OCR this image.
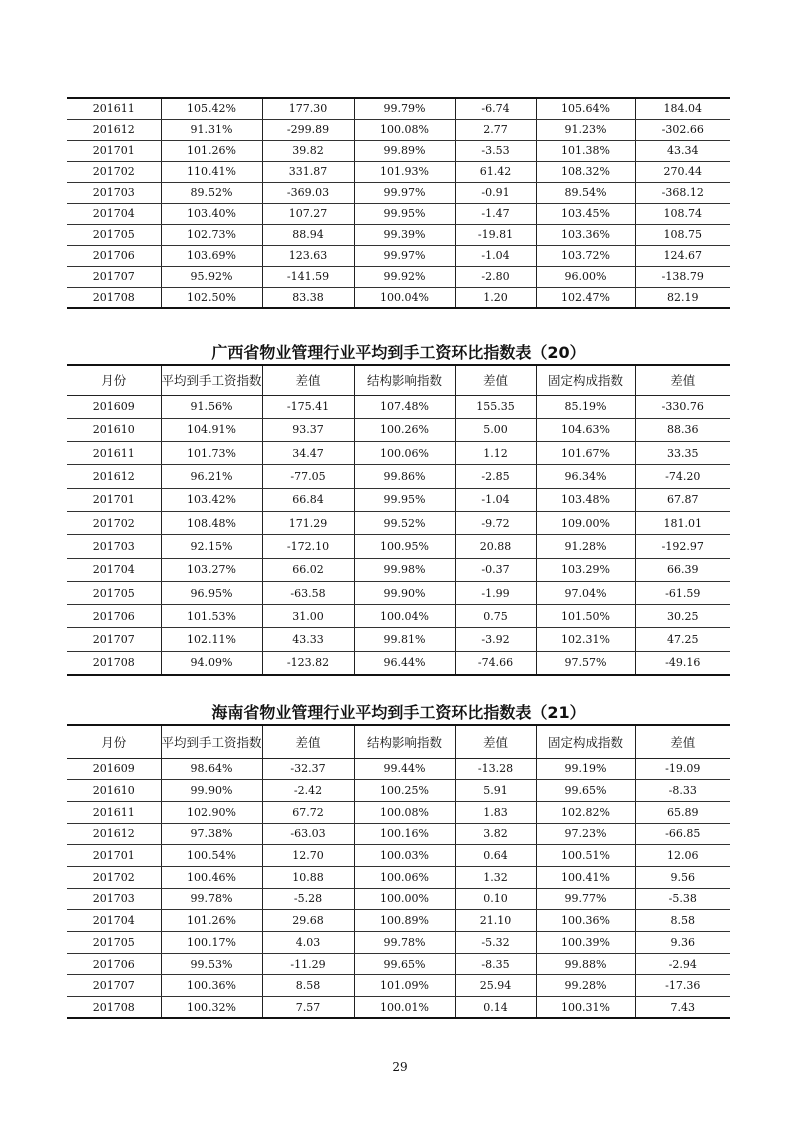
201611	105.42%	177.30	99.79%	-6.74	105.64%	184.04
201612	91.31%	-299.89	100.08%	2.77	91.23%	-302.66
201701	101.26%	39.82	99.89%	-3.53	101.38%	43.34
201702	110.41%	331.87	101.93%	61.42	108.32%	270.44
201703	89.52%	-369.03	99.97%	-0.91	89.54%	-368.12
201704	103.40%	107.27	99.95%	-1.47	103.45%	108.74
201705	102.73%	88.94	99.39%	-19.81	103.36%	108.75
201706	103.69%	123.63	99.97%	-1.04	103.72%	124.67
201707	95.92%	-141.59	99.92%	-2.80	96.00%	-138.79
201708	102.50%	83.38	100.04%	1.20	102.47%	82.19
广西省物业管理行业平均到手工资环比指数表（20）
月份	平均到手工资指数	差值	结构影响指数	差值	固定构成指数	差值
201609	91.56%	-175.41	107.48%	155.35	85.19%	-330.76
201610	104.91%	93.37	100.26%	5.00	104.63%	88.36
201611	101.73%	34.47	100.06%	1.12	101.67%	33.35
201612	96.21%	-77.05	99.86%	-2.85	96.34%	-74.20
201701	103.42%	66.84	99.95%	-1.04	103.48%	67.87
201702	108.48%	171.29	99.52%	-9.72	109.00%	181.01
201703	92.15%	-172.10	100.95%	20.88	91.28%	-192.97
201704	103.27%	66.02	99.98%	-0.37	103.29%	66.39
201705	96.95%	-63.58	99.90%	-1.99	97.04%	-61.59
201706	101.53%	31.00	100.04%	0.75	101.50%	30.25
201707	102.11%	43.33	99.81%	-3.92	102.31%	47.25
201708	94.09%	-123.82	96.44%	-74.66	97.57%	-49.16
海南省物业管理行业平均到手工资环比指数表（21）
月份	平均到手工资指数	差值	结构影响指数	差值	固定构成指数	差值
201609	98.64%	-32.37	99.44%	-13.28	99.19%	-19.09
201610	99.90%	-2.42	100.25%	5.91	99.65%	-8.33
201611	102.90%	67.72	100.08%	1.83	102.82%	65.89
201612	97.38%	-63.03	100.16%	3.82	97.23%	-66.85
201701	100.54%	12.70	100.03%	0.64	100.51%	12.06
201702	100.46%	10.88	100.06%	1.32	100.41%	9.56
201703	99.78%	-5.28	100.00%	0.10	99.77%	-5.38
201704	101.26%	29.68	100.89%	21.10	100.36%	8.58
201705	100.17%	4.03	99.78%	-5.32	100.39%	9.36
201706	99.53%	-11.29	99.65%	-8.35	99.88%	-2.94
201707	100.36%	8.58	101.09%	25.94	99.28%	-17.36
201708	100.32%	7.57	100.01%	0.14	100.31%	7.43
29
